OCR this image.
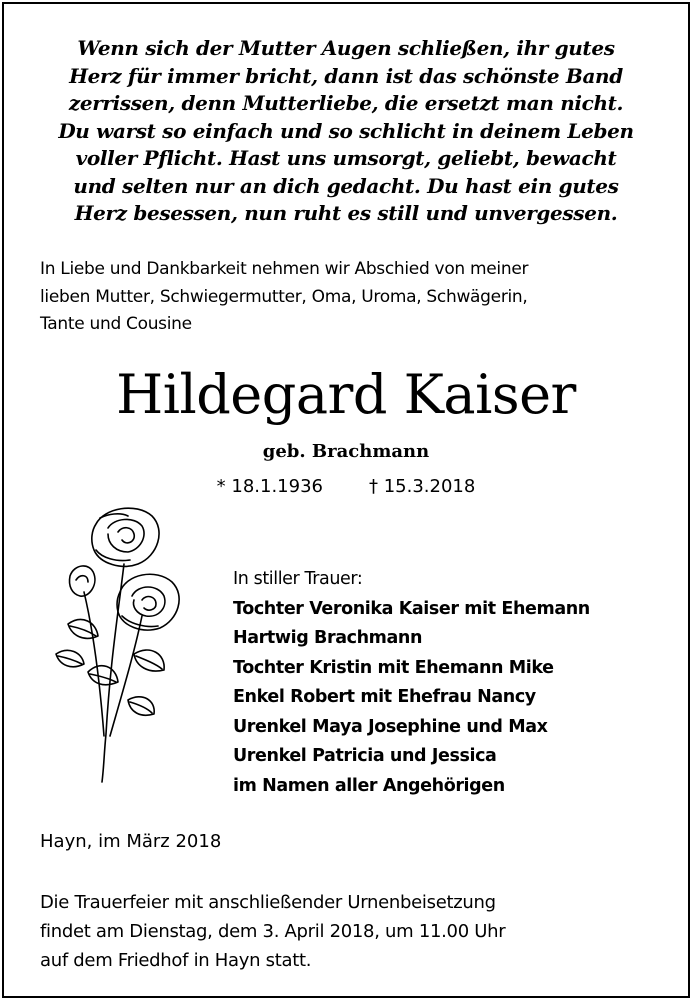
Wenn sich der Mutter Augen schließen, ihr gutes
Herz für immer bricht, dann ist das schönste Band
zerrissen, denn Mutterliebe, die ersetzt man nicht.
Du warst so einfach und so schlicht in deinem Leben
voller Pflicht. Hast uns umsorgt, geliebt, bewacht
und selten nur an dich gedacht. Du hast ein gutes
Herz besessen, nun ruht es still und unvergessen.
In Liebe und Dankbarkeit nehmen wir Abschied von meiner
lieben Mutter, Schwiegermutter, Oma, Uroma, Schwägerin,
Tante und Cousine
Hildegard Kaiser
geb. Brachmann
* 18.1.1936	† 15.3.2018
In stiller Trauer:
Tochter Veronika Kaiser mit Ehemann
Hartwig Brachmann
Tochter Kristin mit Ehemann Mike
Enkel Robert mit Ehefrau Nancy
Urenkel Maya Josephine und Max
Urenkel Patricia und Jessica
im Namen aller Angehörigen
Hayn, im März 2018
Die Trauerfeier mit anschließender Urnenbeisetzung
findet am Dienstag, dem 3. April 2018, um 11.00 Uhr
auf dem Friedhof in Hayn statt.
